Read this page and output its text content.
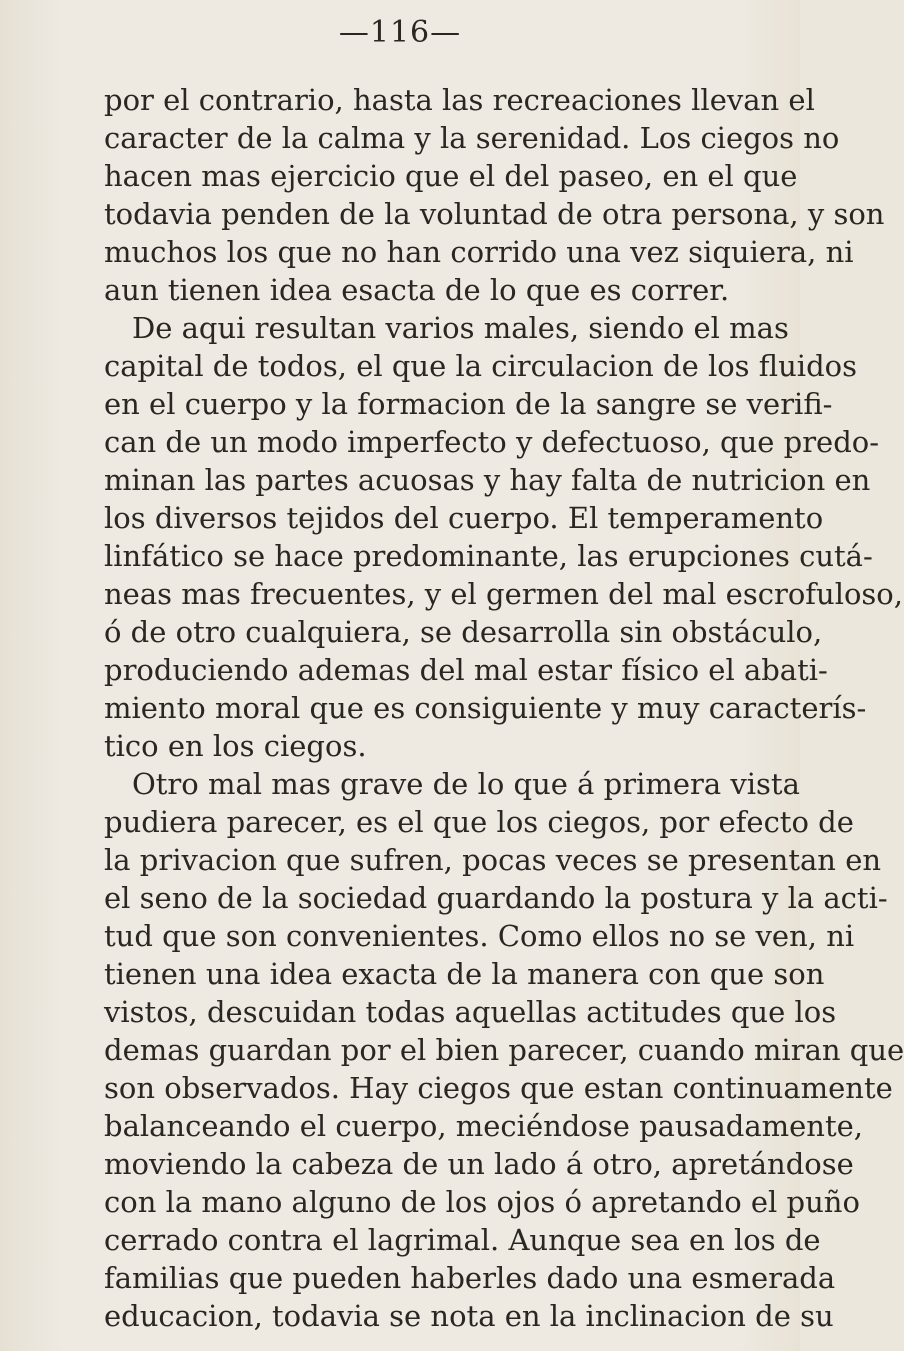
—116—
por el contrario, hasta las recreaciones llevan el
caracter de la calma y la serenidad. Los ciegos no
hacen mas ejercicio que el del paseo, en el que
todavia penden de la voluntad de otra persona, y son
muchos los que no han corrido una vez siquiera, ni
aun tienen idea esacta de lo que es correr.
De aqui resultan varios males, siendo el mas
capital de todos, el que la circulacion de los fluidos
en el cuerpo y la formacion de la sangre se verifi-
can de un modo imperfecto y defectuoso, que predo-
minan las partes acuosas y hay falta de nutricion en
los diversos tejidos del cuerpo. El temperamento
linfático se hace predominante, las erupciones cutá-
neas mas frecuentes, y el germen del mal escrofuloso,
ó de otro cualquiera, se desarrolla sin obstáculo,
produciendo ademas del mal estar físico el abati-
miento moral que es consiguiente y muy caracterís-
tico en los ciegos.
Otro mal mas grave de lo que á primera vista
pudiera parecer, es el que los ciegos, por efecto de
la privacion que sufren, pocas veces se presentan en
el seno de la sociedad guardando la postura y la acti-
tud que son convenientes. Como ellos no se ven, ni
tienen una idea exacta de la manera con que son
vistos, descuidan todas aquellas actitudes que los
demas guardan por el bien parecer, cuando miran que
son observados. Hay ciegos que estan continuamente
balanceando el cuerpo, meciéndose pausadamente,
moviendo la cabeza de un lado á otro, apretándose
con la mano alguno de los ojos ó apretando el puño
cerrado contra el lagrimal. Aunque sea en los de
familias que pueden haberles dado una esmerada
educacion, todavia se nota en la inclinacion de su
